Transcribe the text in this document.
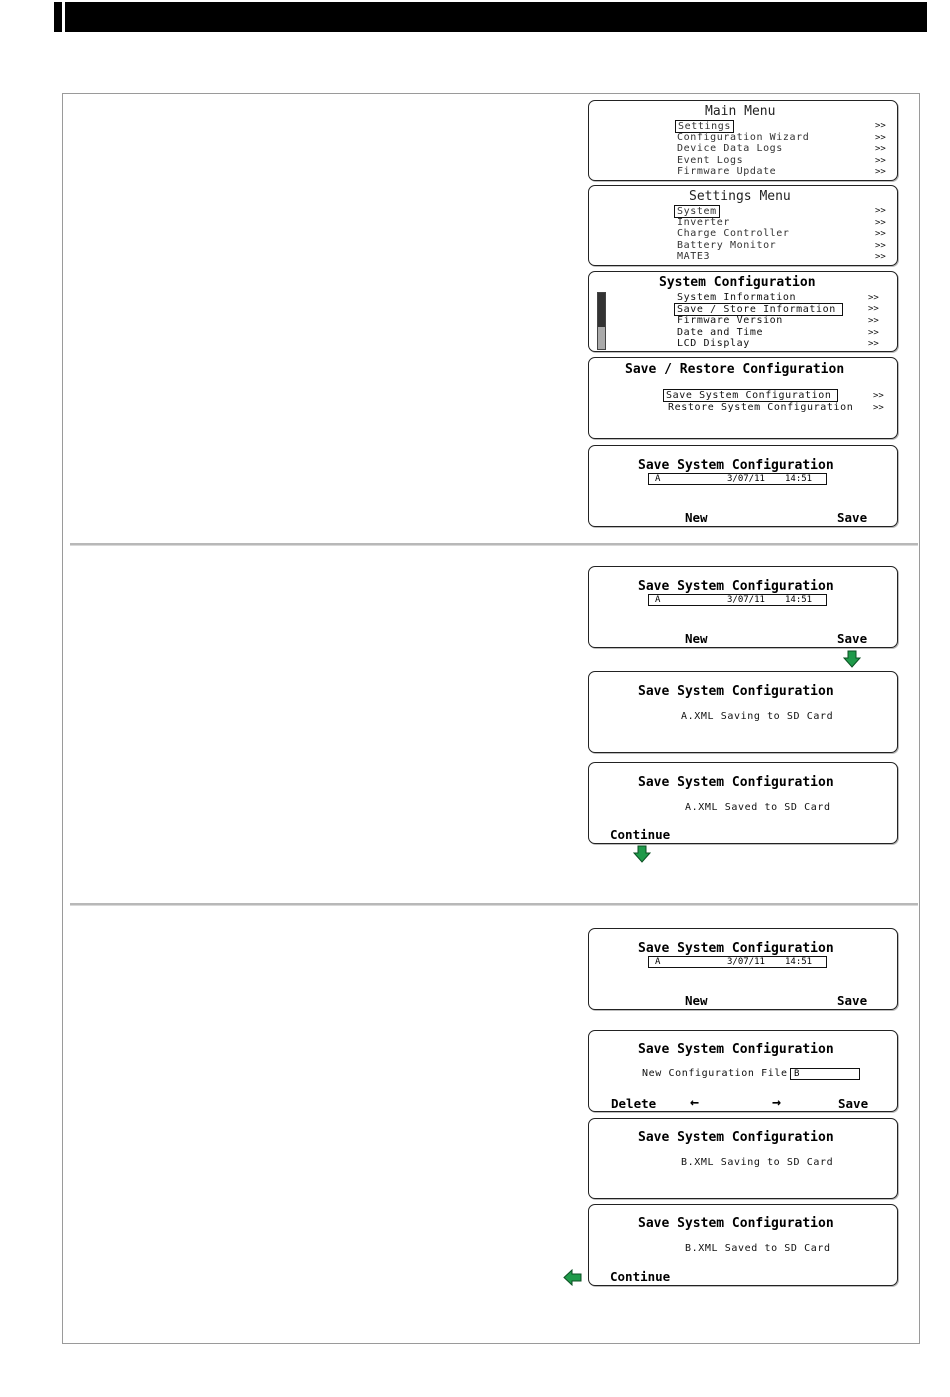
Main Menu
Settings
Configuration Wizard
Device Data Logs
Event Logs
Firmware Update
>>
>>
>>
>>
>>
Settings Menu
System
Inverter
Charge Controller
Battery Monitor
MATE3
>>
>>
>>
>>
>>
System Configuration
System Information
Save / Store Information
Firmware Version
Date and Time
LCD Display
>>
>>
>>
>>
>>
Save / Restore Configuration
Save System Configuration
Restore System Configuration
>>
>>
Save System Configuration
A	3/07/11 14:51
New	Save
Save System Configuration
A	3/07/11 14:51
New	Save
Save System Configuration
A.XML Saving to SD Card
Save System Configuration
A.XML Saved to SD Card
Continue
Save System Configuration
A	3/07/11 14:51
New	Save
Save System Configuration
New Configuration File B
Delete ←	→	Save
Save System Configuration
B.XML Saving to SD Card
Save System Configuration
B.XML Saved to SD Card
Continue
